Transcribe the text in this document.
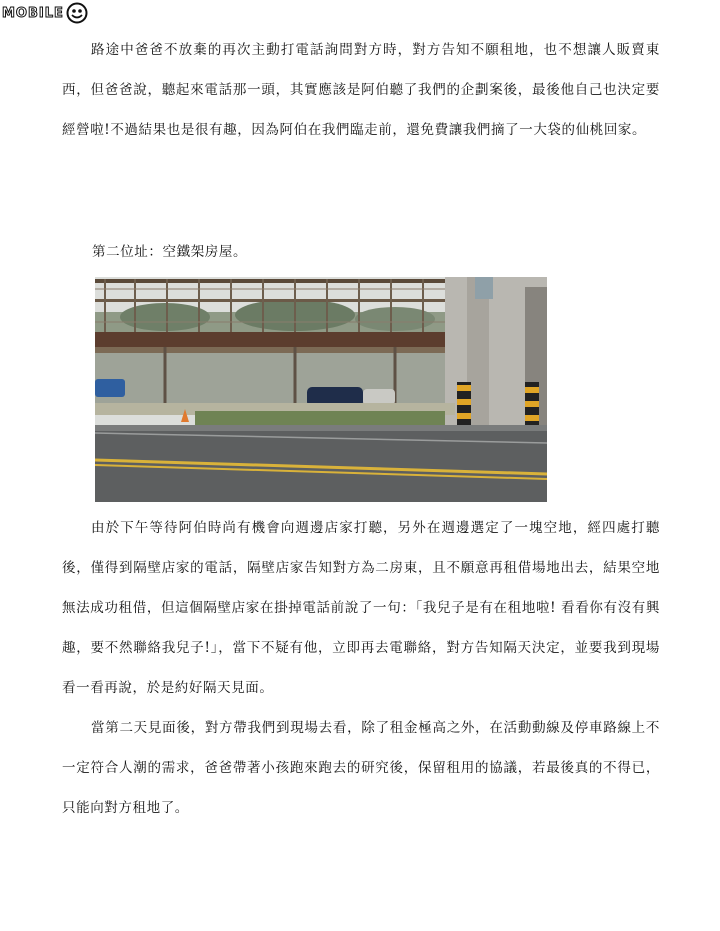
MOBILE

路途中爸爸不放棄的再次主動打電話詢問對方時，對方告知不願租地，也不想讓人販賣東西，但爸爸說，聽起來電話那一頭，其實應該是阿伯聽了我們的企劃案後，最後他自己也決定要經營啦!不過結果也是很有趣，因為阿伯在我們臨走前，還免費讓我們摘了一大袋的仙桃回家。

第二位址：空鐵架房屋。

由於下午等待阿伯時尚有機會向週邊店家打聽，另外在週邊選定了一塊空地，經四處打聽後，僅得到隔壁店家的電話，隔壁店家告知對方為二房東，且不願意再租借場地出去，結果空地無法成功租借，但這個隔壁店家在掛掉電話前說了一句：「我兒子是有在租地啦! 看看你有沒有興趣，要不然聯絡我兒子!」，當下不疑有他，立即再去電聯絡，對方告知隔天決定，並要我到現場看一看再說，於是約好隔天見面。

當第二天見面後，對方帶我們到現場去看，除了租金極高之外，在活動動線及停車路線上不一定符合人潮的需求，爸爸帶著小孩跑來跑去的研究後，保留租用的協議，若最後真的不得已，只能向對方租地了。
